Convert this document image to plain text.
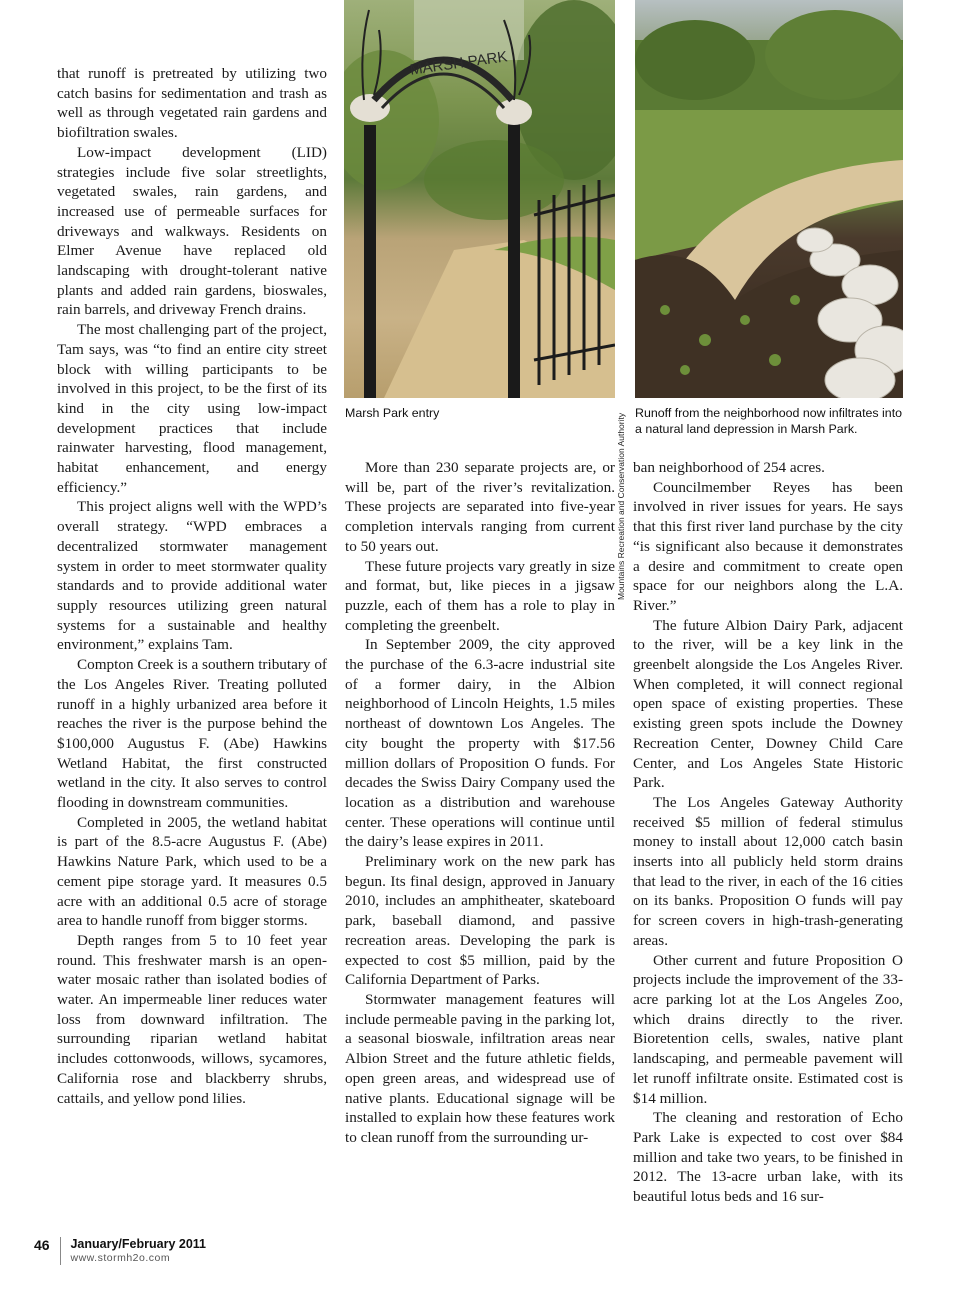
that runoff is pretreated by utilizing two catch basins for sedimentation and trash as well as through vegetated rain gardens and biofiltration swales.

Low-impact development (LID) strategies include five solar streetlights, vegetated swales, rain gardens, and increased use of permeable surfaces for driveways and walkways. Residents on Elmer Avenue have replaced old landscaping with drought-tolerant native plants and added rain gardens, bioswales, rain barrels, and driveway French drains.

The most challenging part of the project, Tam says, was “to find an entire city street block with willing participants to be involved in this project, to be the first of its kind in the city using low-impact development practices that include rainwater harvesting, flood management, habitat enhancement, and energy efficiency.”

This project aligns well with the WPD’s overall strategy. “WPD embraces a decentralized stormwater management system in order to meet stormwater quality standards and to provide additional water supply resources utilizing green natural systems for a sustainable and healthy environment,” explains Tam.

Compton Creek is a southern tributary of the Los Angeles River. Treating polluted runoff in a highly urbanized area before it reaches the river is the purpose behind the $100,000 Augustus F. (Abe) Hawkins Wetland Habitat, the first constructed wetland in the city. It also serves to control flooding in downstream communities.

Completed in 2005, the wetland habitat is part of the 8.5-acre Augustus F. (Abe) Hawkins Nature Park, which used to be a cement pipe storage yard. It measures 0.5 acre with an additional 0.5 acre of storage area to handle runoff from bigger storms.

Depth ranges from 5 to 10 feet year round. This freshwater marsh is an open-water mosaic rather than isolated bodies of water. An impermeable liner reduces water loss from downward infiltration. The surrounding riparian wetland habitat includes cottonwoods, willows, sycamores, California rose and blackberry shrubs, cattails, and yellow pond lilies.

MARSH PARK
Mountains Recreation and Conservation Authority
Marsh Park entry	Runoff from the neighborhood now infiltrates into a natural land depression in Marsh Park.

More than 230 separate projects are, or will be, part of the river’s revitalization. These projects are separated into five-year completion intervals ranging from current to 50 years out.

These future projects vary greatly in size and format, but, like pieces in a jigsaw puzzle, each of them has a role to play in completing the greenbelt.

In September 2009, the city approved the purchase of the 6.3-acre industrial site of a former dairy, in the Albion neighborhood of Lincoln Heights, 1.5 miles northeast of downtown Los Angeles. The city bought the property with $17.56 million dollars of Proposition O funds. For decades the Swiss Dairy Company used the location as a distribution and warehouse center. These operations will continue until the dairy’s lease expires in 2011.

Preliminary work on the new park has begun. Its final design, approved in January 2010, includes an amphitheater, skateboard park, baseball diamond, and passive recreation areas. Developing the park is expected to cost $5 million, paid by the California Department of Parks.

Stormwater management features will include permeable paving in the parking lot, a seasonal bioswale, infiltration areas near Albion Street and the future athletic fields, open green areas, and widespread use of native plants. Educational signage will be installed to explain how these features work to clean runoff from the surrounding ur-

ban neighborhood of 254 acres.

Councilmember Reyes has been involved in river issues for years. He says that this first river land purchase by the city “is significant also because it demonstrates a desire and commitment to create open space for our neighbors along the L.A. River.”

The future Albion Dairy Park, adjacent to the river, will be a key link in the greenbelt alongside the Los Angeles River. When completed, it will connect regional open space of existing properties. These existing green spots include the Downey Recreation Center, Downey Child Care Center, and Los Angeles State Historic Park.

The Los Angeles Gateway Authority received $5 million of federal stimulus money to install about 12,000 catch basin inserts into all publicly held storm drains that lead to the river, in each of the 16 cities on its banks. Proposition O funds will pay for screen covers in high-trash-generating areas.

Other current and future Proposition O projects include the improvement of the 33-acre parking lot at the Los Angeles Zoo, which drains directly to the river. Bioretention cells, swales, native plant landscaping, and permeable pavement will let runoff infiltrate onsite. Estimated cost is $14 million.

The cleaning and restoration of Echo Park Lake is expected to cost over $84 million and take two years, to be finished in 2012. The 13-acre urban lake, with its beautiful lotus beds and 16 sur-

46 January/February 2011
www.stormh2o.com
